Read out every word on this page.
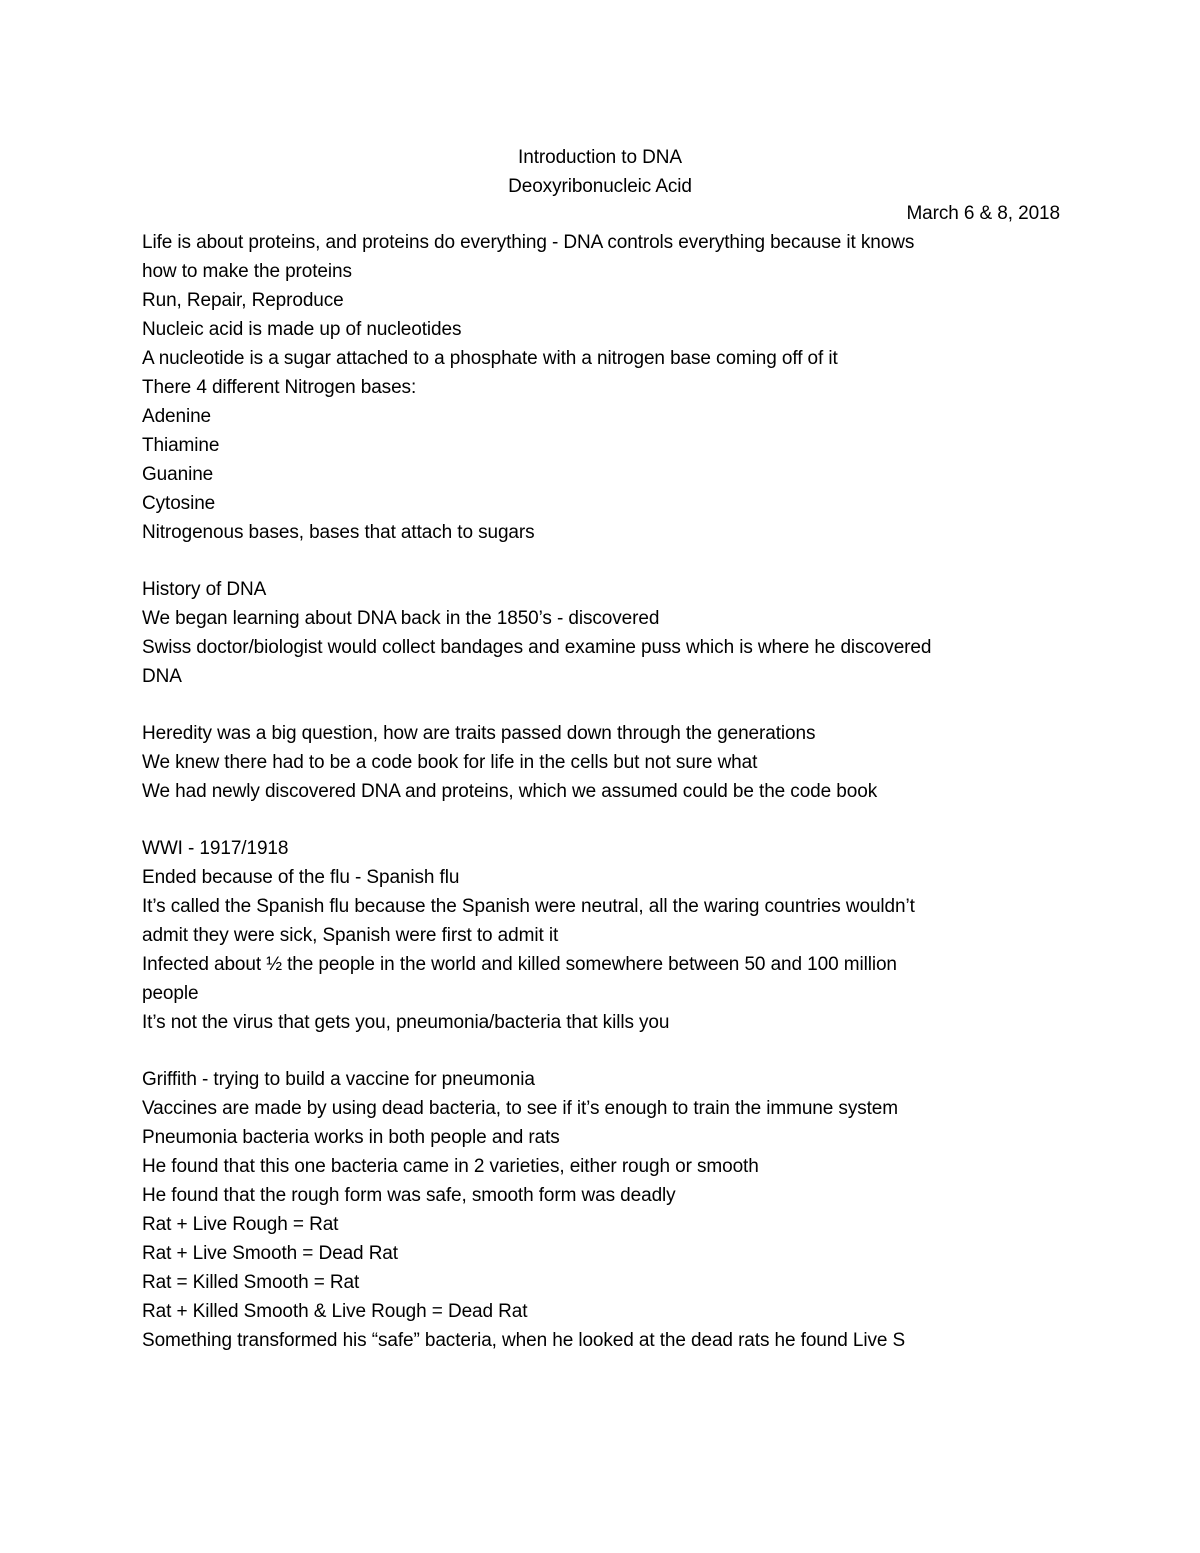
Introduction to DNA
Deoxyribonucleic Acid
March 6 & 8, 2018
Life is about proteins, and proteins do everything - DNA controls everything because it knows
how to make the proteins
Run, Repair, Reproduce
Nucleic acid is made up of nucleotides
A nucleotide is a sugar attached to a phosphate with a nitrogen base coming off of it
There 4 different Nitrogen bases:
Adenine
Thiamine
Guanine
Cytosine
Nitrogenous bases, bases that attach to sugars
History of DNA
We began learning about DNA back in the 1850’s - discovered
Swiss doctor/biologist would collect bandages and examine puss which is where he discovered
DNA
Heredity was a big question, how are traits passed down through the generations
We knew there had to be a code book for life in the cells but not sure what
We had newly discovered DNA and proteins, which we assumed could be the code book
WWI - 1917/1918
Ended because of the flu - Spanish flu
It’s called the Spanish flu because the Spanish were neutral, all the waring countries wouldn’t
admit they were sick, Spanish were first to admit it
Infected about ½ the people in the world and killed somewhere between 50 and 100 million
people
It’s not the virus that gets you, pneumonia/bacteria that kills you
Griffith - trying to build a vaccine for pneumonia
Vaccines are made by using dead bacteria, to see if it’s enough to train the immune system
Pneumonia bacteria works in both people and rats
He found that this one bacteria came in 2 varieties, either rough or smooth
He found that the rough form was safe, smooth form was deadly
Rat + Live Rough = Rat
Rat + Live Smooth = Dead Rat
Rat = Killed Smooth = Rat
Rat + Killed Smooth & Live Rough = Dead Rat
Something transformed his “safe” bacteria, when he looked at the dead rats he found Live S
